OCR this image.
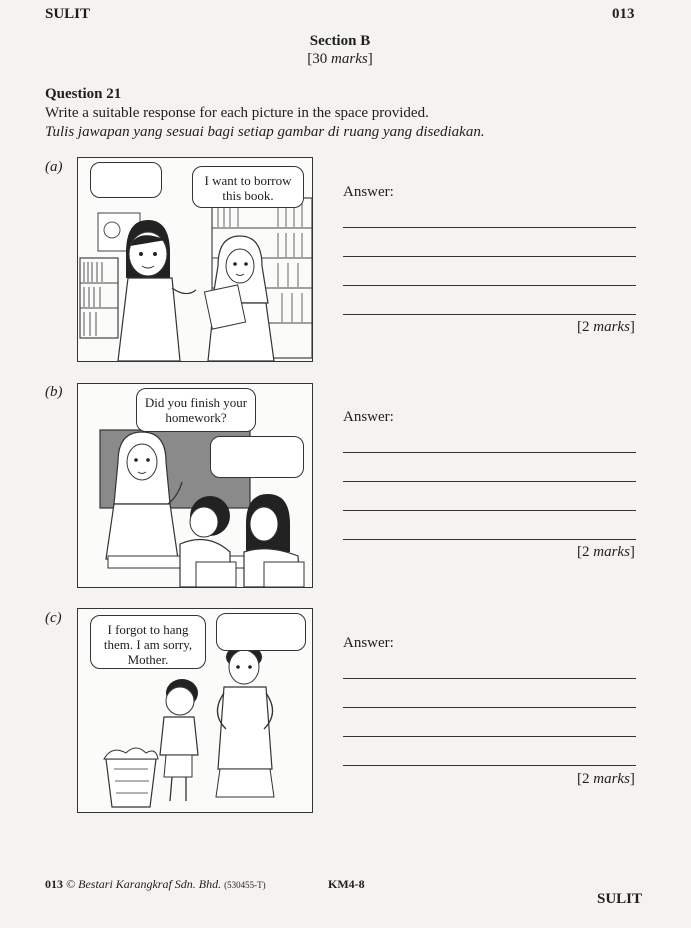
SULIT	013
Section B
[30 marks]
Question 21
Write a suitable response for each picture in the space provided.
Tulis jawapan yang sesuai bagi setiap gambar di ruang yang disediakan.
(a)
I want to borrow this book.	Answer:
[2 marks]
(b)
Did you finish your homework?	Answer:
[2 marks]
(c)
I forgot to hang them. I am sorry, Mother.
Answer:
[2 marks]
013 © Bestari Karangkraf Sdn. Bhd. (530455-T)	KM4-8
SULIT
